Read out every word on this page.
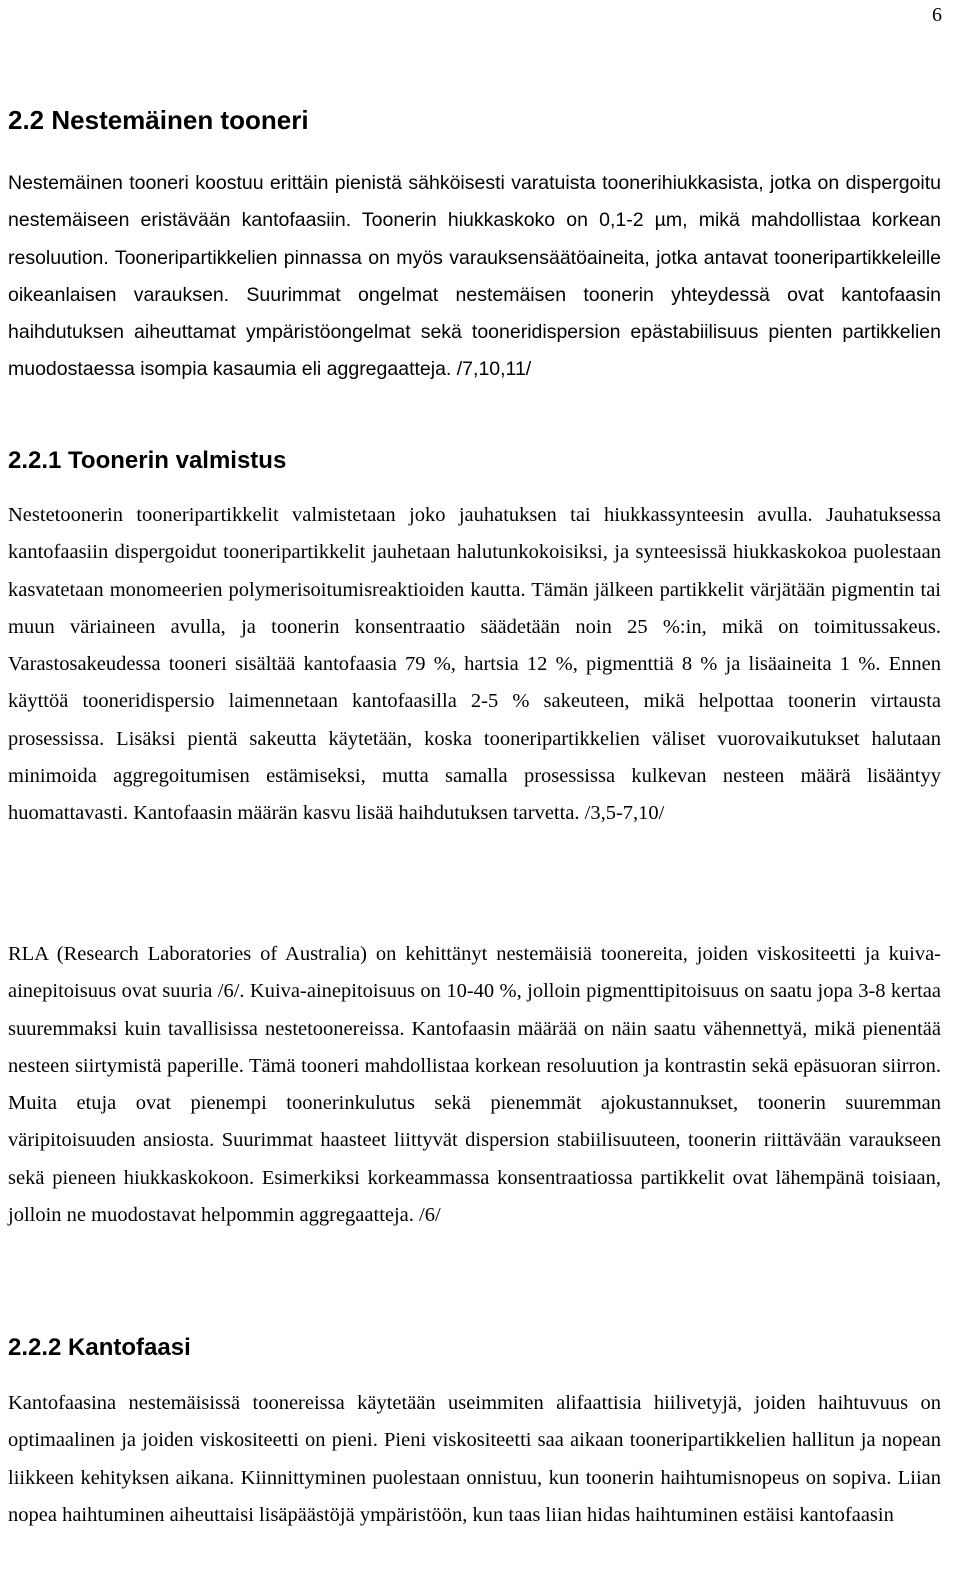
6
2.2 Nestemäinen tooneri

Nestemäinen tooneri koostuu erittäin pienistä sähköisesti varatuista toonerihiukkasista, jotka on dispergoitu nestemäiseen eristävään kantofaasiin. Toonerin hiukkaskoko on 0,1-2 µm, mikä mahdollistaa korkean resoluution. Tooneripartikkelien pinnassa on myös varauksensäätöaineita, jotka antavat tooneripartikkeleille oikeanlaisen varauksen. Suurimmat ongelmat nestemäisen toonerin yhteydessä ovat kantofaasin haihdutuksen aiheuttamat ympäristöongelmat sekä tooneridispersion epästabiilisuus pienten partikkelien muodostaessa isompia kasaumia eli aggregaatteja. /7,10,11/

2.2.1 Toonerin valmistus

Nestetoonerin tooneripartikkelit valmistetaan joko jauhatuksen tai hiukkassynteesin avulla. Jauhatuksessa kantofaasiin dispergoidut tooneripartikkelit jauhetaan halutunkokoisiksi, ja synteesissä hiukkaskokoa puolestaan kasvatetaan monomeerien polymerisoitumisreaktioiden kautta. Tämän jälkeen partikkelit värjätään pigmentin tai muun väriaineen avulla, ja toonerin konsentraatio säädetään noin 25 %:in, mikä on toimitussakeus. Varastosakeudessa tooneri sisältää kantofaasia 79 %, hartsia 12 %, pigmenttiä 8 % ja lisäaineita 1 %. Ennen käyttöä tooneridispersio laimennetaan kantofaasilla 2-5 % sakeuteen, mikä helpottaa toonerin virtausta prosessissa. Lisäksi pientä sakeutta käytetään, koska tooneripartikkelien väliset vuorovaikutukset halutaan minimoida aggregoitumisen estämiseksi, mutta samalla prosessissa kulkevan nesteen määrä lisääntyy huomattavasti. Kantofaasin määrän kasvu lisää haihdutuksen tarvetta. /3,5-7,10/

RLA (Research Laboratories of Australia) on kehittänyt nestemäisiä toonereita, joiden viskositeetti ja kuiva-ainepitoisuus ovat suuria /6/. Kuiva-ainepitoisuus on 10-40 %, jolloin pigmenttipitoisuus on saatu jopa 3-8 kertaa suuremmaksi kuin tavallisissa nestetoonereissa. Kantofaasin määrää on näin saatu vähennettyä, mikä pienentää nesteen siirtymistä paperille. Tämä tooneri mahdollistaa korkean resoluution ja kontrastin sekä epäsuoran siirron. Muita etuja ovat pienempi toonerinkulutus sekä pienemmät ajokustannukset, toonerin suuremman väripitoisuuden ansiosta. Suurimmat haasteet liittyvät dispersion stabiilisuuteen, toonerin riittävään varaukseen sekä pieneen hiukkaskokoon. Esimerkiksi korkeammassa konsentraatiossa partikkelit ovat lähempänä toisiaan, jolloin ne muodostavat helpommin aggregaatteja. /6/

2.2.2 Kantofaasi

Kantofaasina nestemäisissä toonereissa käytetään useimmiten alifaattisia hiilivetyjä, joiden haihtuvuus on optimaalinen ja joiden viskositeetti on pieni. Pieni viskositeetti saa aikaan tooneripartikkelien hallitun ja nopean liikkeen kehityksen aikana. Kiinnittyminen puolestaan onnistuu, kun toonerin haihtumisnopeus on sopiva. Liian nopea haihtuminen aiheuttaisi lisäpäästöjä ympäristöön, kun taas liian hidas haihtuminen estäisi kantofaasin
